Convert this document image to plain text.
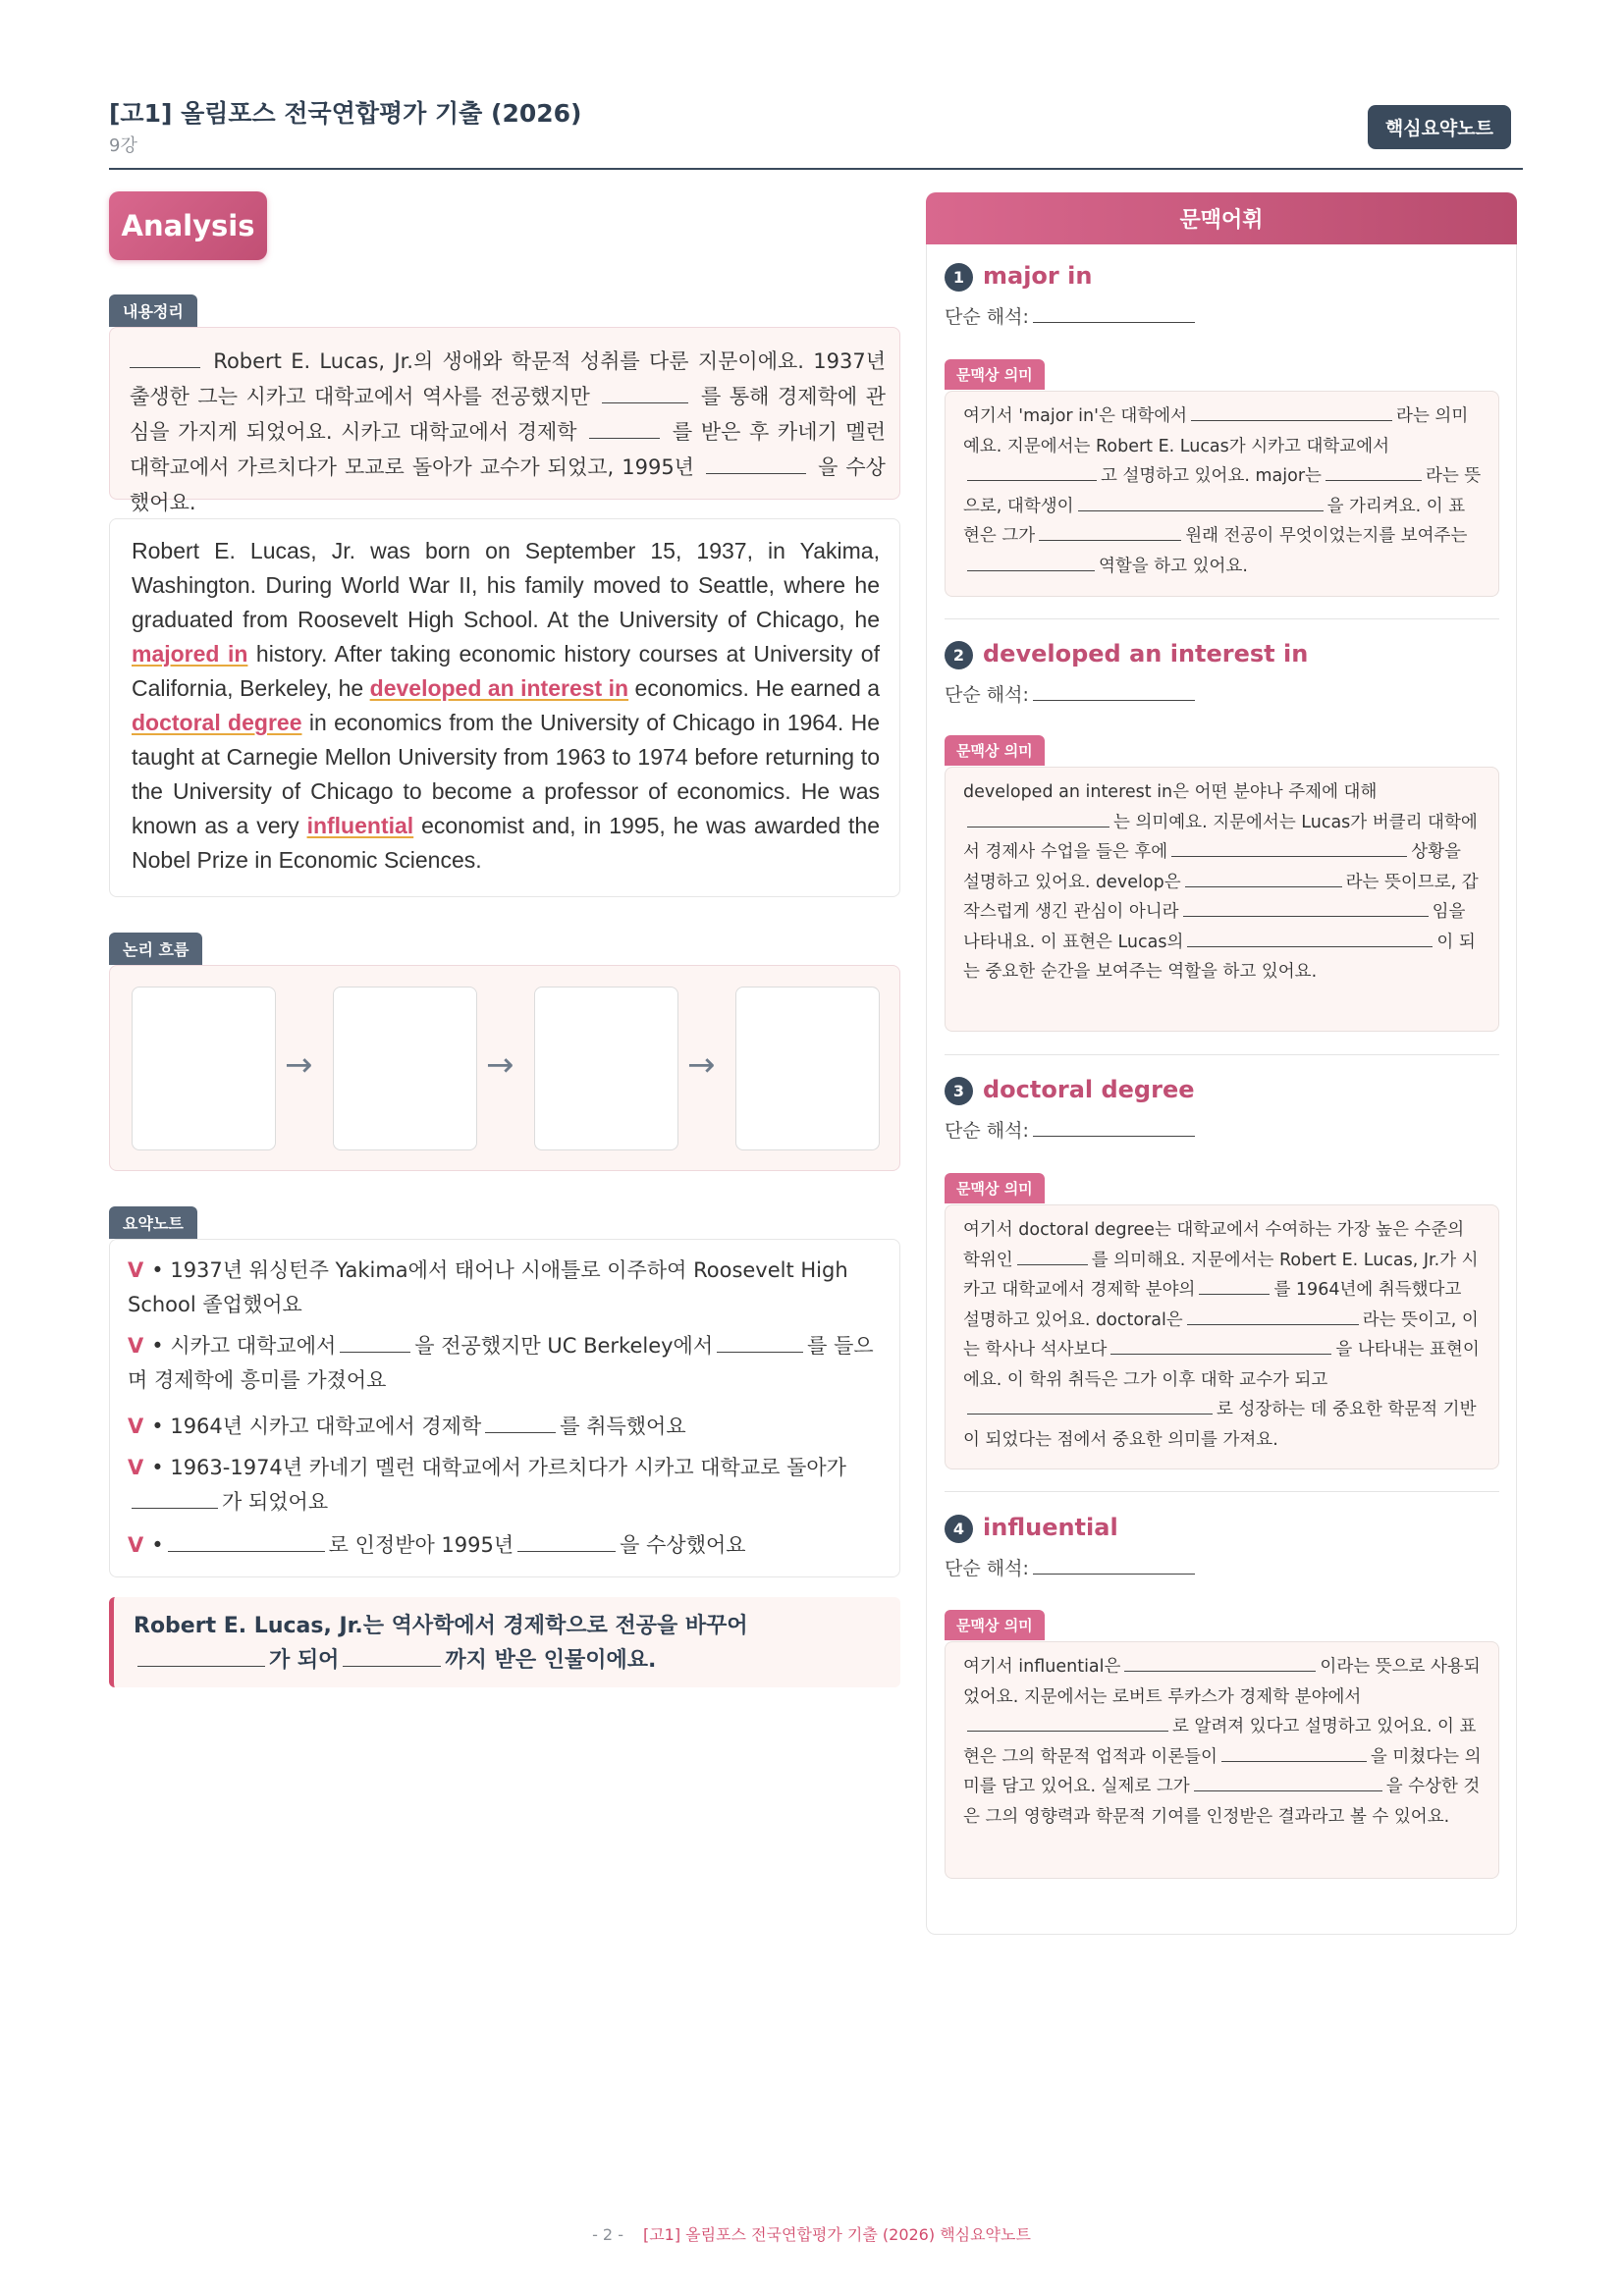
[고1] 올림포스 전국연합평가 기출 (2026)
9강
핵심요약노트
Analysis
내용정리
Robert E. Lucas, Jr.의 생애와 학문적 성취를 다룬 지문이에요. 1937년 출생한 그는 시카고 대학교에서 역사를 전공했지만	를 통해 경제학에 관심을 가지게 되었어요. 시카고 대학교에서 경제학	를 받은 후 카네기 멜런 대학교에서 가르치다가 모교로 돌아가 교수가 되었고, 1995년	을 수상했어요.
Robert E. Lucas, Jr. was born on September 15, 1937, in Yakima, Washington. During World War II, his family moved to Seattle, where he graduated from Roosevelt High School. At the University of Chicago, he majored in history. After taking economic history courses at University of California, Berkeley, he developed an interest in economics. He earned a doctoral degree in economics from the University of Chicago in 1964. He taught at Carnegie Mellon University from 1963 to 1974 before returning to the University of Chicago to become a professor of economics. He was known as a very influential economist and, in 1995, he was awarded the Nobel Prize in Economic Sciences.
논리 흐름
→	→	→
요약노트
V • 1937년 워싱턴주 Yakima에서 태어나 시애틀로 이주하여 Roosevelt High School 졸업했어요
V • 시카고 대학교에서	을 전공했지만 UC Berkeley에서	를 들으며 경제학에 흥미를 가졌어요
V • 1964년 시카고 대학교에서 경제학	를 취득했어요
V • 1963-1974년 카네기 멜런 대학교에서 가르치다가 시카고 대학교로 돌아가가 되었어요
V •	로 인정받아 1995년	을 수상했어요
Robert E. Lucas, Jr.는 역사학에서 경제학으로 전공을 바꾸어가 되어	까지 받은 인물이에요.
문맥어휘
1 major in
단순 해석:
문맥상 의미
여기서 'major in'은 대학에서	라는 의미예요. 지문에서는 Robert E. Lucas가 시카고 대학교에서고 설명하고 있어요. major는	라는 뜻으로, 대학생이	을 가리켜요. 이 표현은 그가	원래 전공이 무엇이었는지를 보여주는역할을 하고 있어요.
2 developed an interest in
단순 해석:
문맥상 의미
developed an interest in은 어떤 분야나 주제에 대해는 의미예요. 지문에서는 Lucas가 버클리 대학에서 경제사 수업을 들은 후에	상황을 설명하고 있어요. develop은	라는 뜻이므로, 갑작스럽게 생긴 관심이 아니라	임을 나타내요. 이 표현은 Lucas의	이 되는 중요한 순간을 보여주는 역할을 하고 있어요.
3 doctoral degree
단순 해석:
문맥상 의미
여기서 doctoral degree는 대학교에서 수여하는 가장 높은 수준의 학위인	를 의미해요. 지문에서는 Robert E. Lucas, Jr.가 시카고 대학교에서 경제학 분야의	를 1964년에 취득했다고 설명하고 있어요. doctoral은	라는 뜻이고, 이는 학사나 석사보다	을 나타내는 표현이에요. 이 학위 취득은 그가 이후 대학 교수가 되고로 성장하는 데 중요한 학문적 기반이 되었다는 점에서 중요한 의미를 가져요.
4 influential
단순 해석:
문맥상 의미
여기서 influential은	이라는 뜻으로 사용되었어요. 지문에서는 로버트 루카스가 경제학 분야에서로 알려져 있다고 설명하고 있어요. 이 표현은 그의 학문적 업적과 이론들이	을 미쳤다는 의미를 담고 있어요. 실제로 그가	을 수상한 것은 그의 영향력과 학문적 기여를 인정받은 결과라고 볼 수 있어요.
- 2 - [고1] 올림포스 전국연합평가 기출 (2026) 핵심요약노트
